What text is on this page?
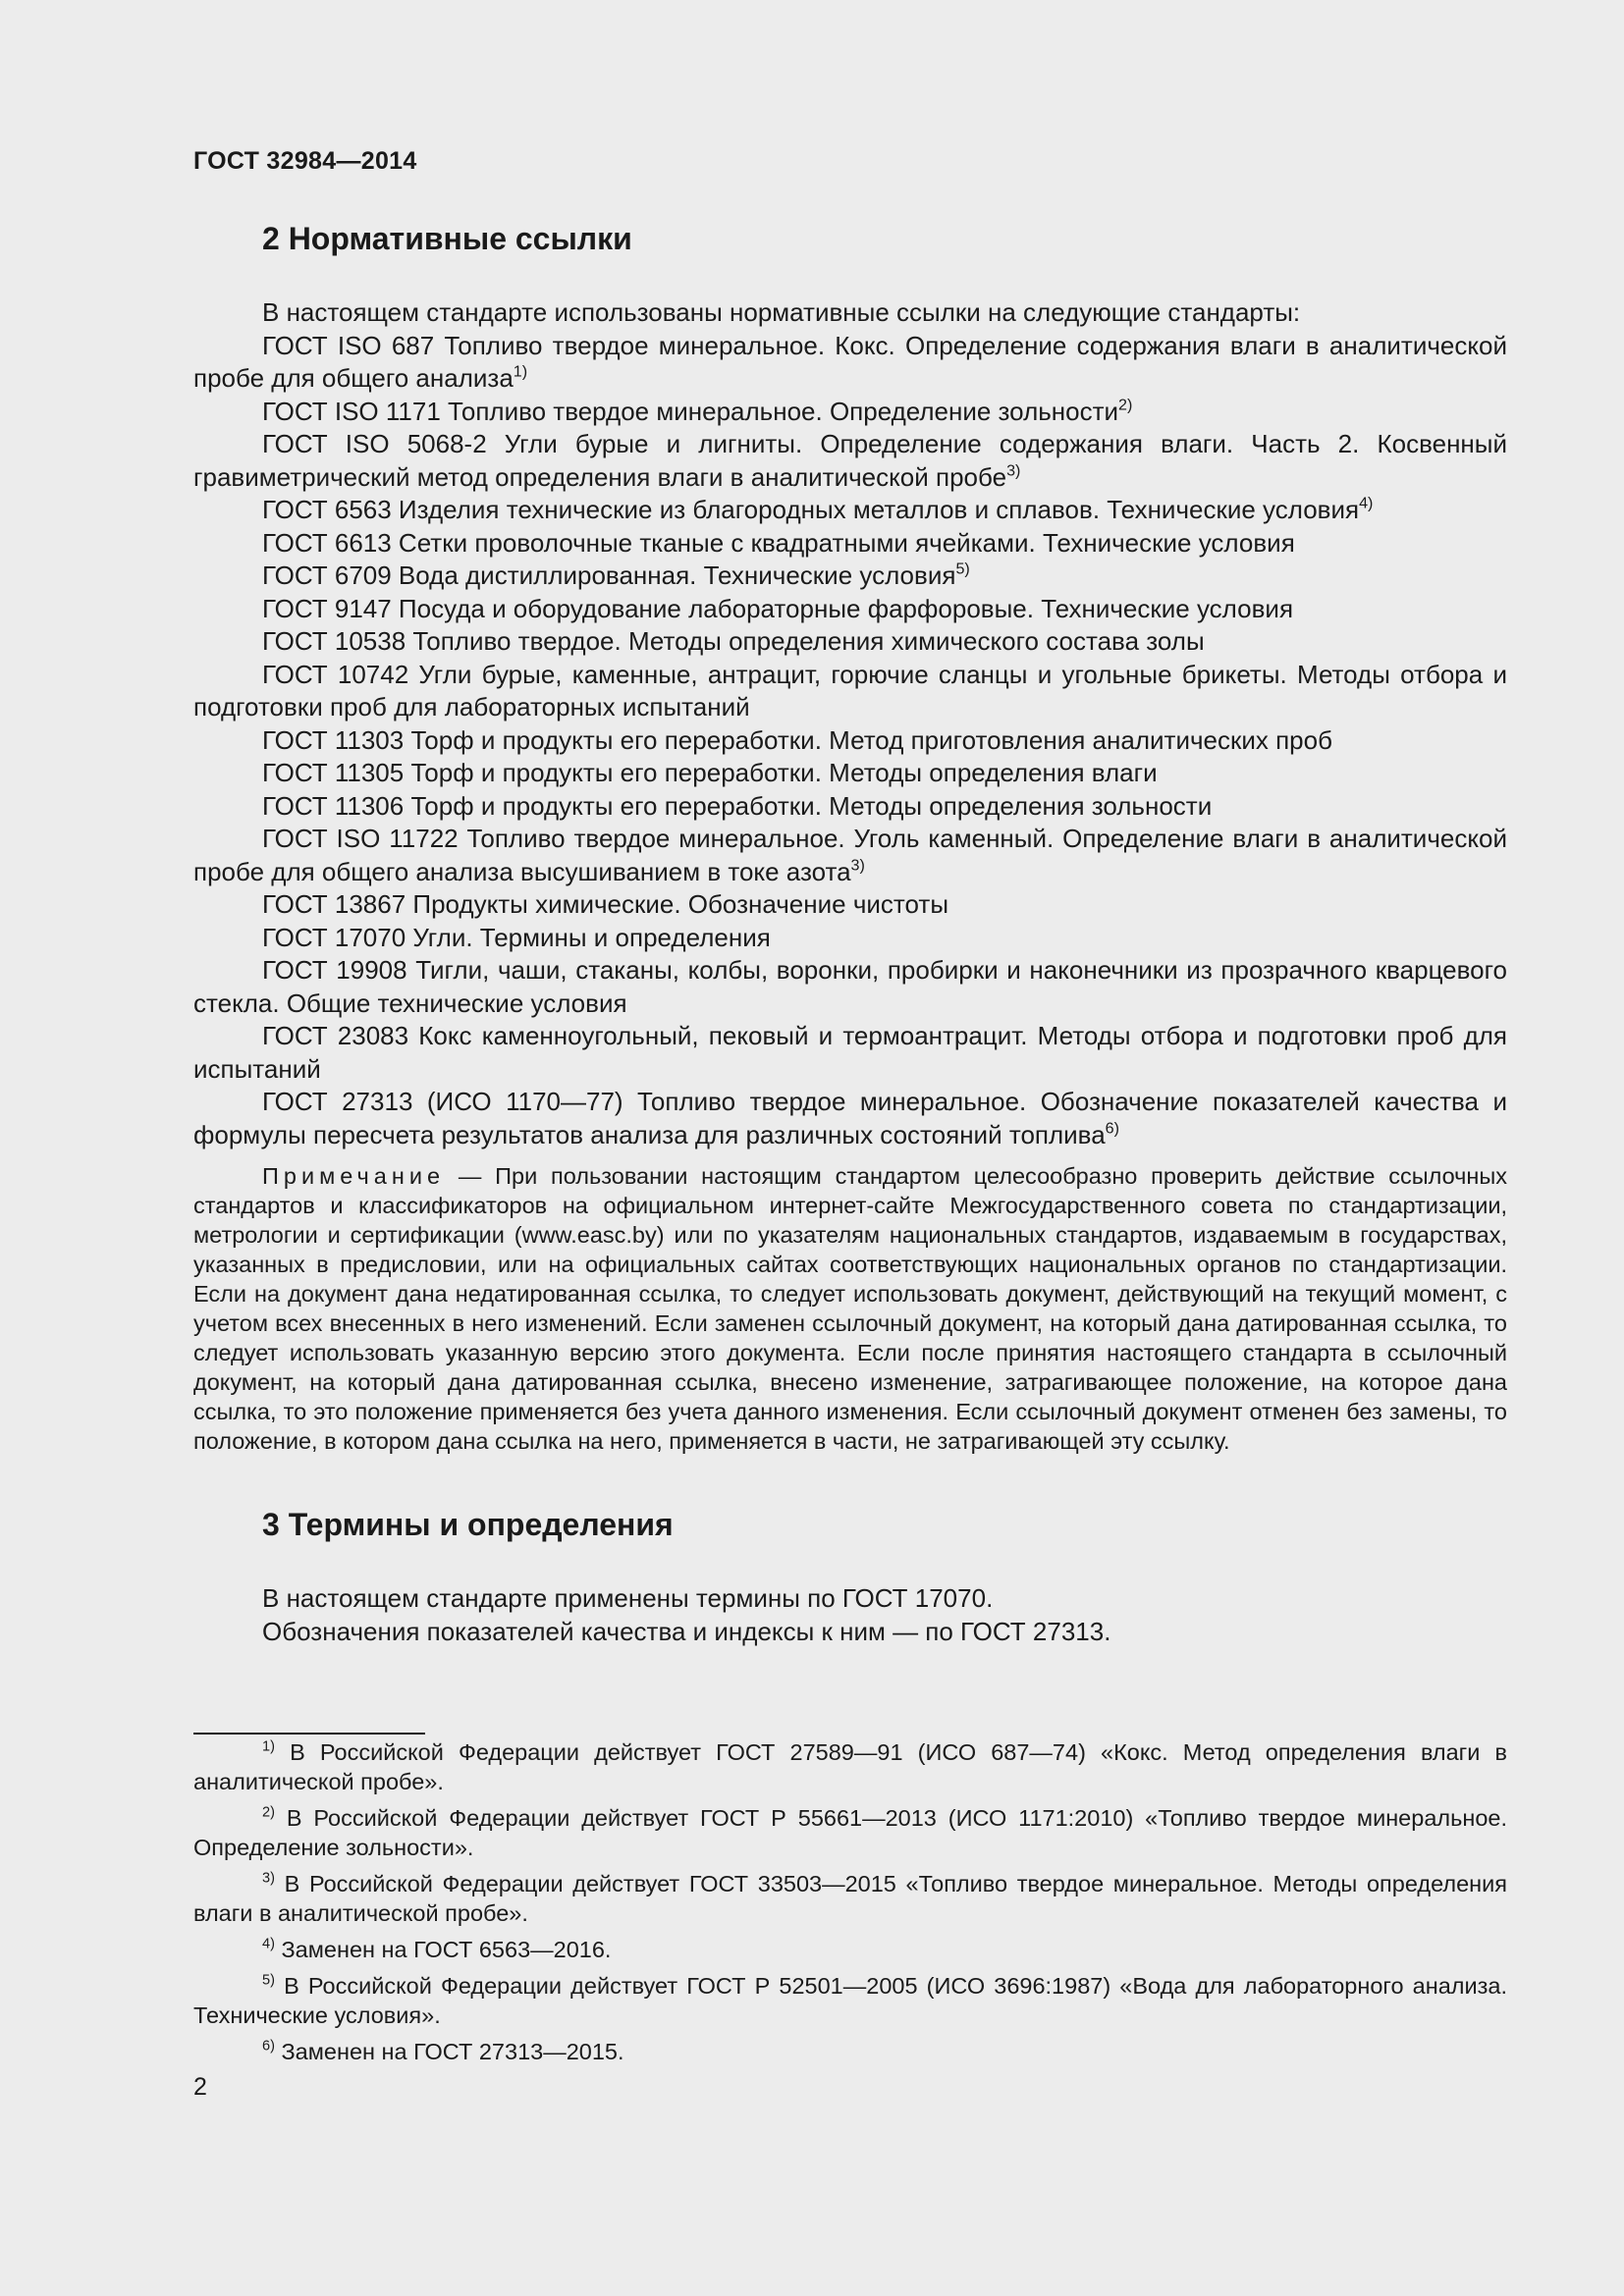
ГОСТ 32984—2014
2 Нормативные ссылки

В настоящем стандарте использованы нормативные ссылки на следующие стандарты:

ГОСТ ISO 687 Топливо твердое минеральное. Кокс. Определение содержания влаги в аналитической пробе для общего анализа$^{1)}$

ГОСТ ISO 1171 Топливо твердое минеральное. Определение зольности$^{2)}$

ГОСТ ISO 5068-2 Угли бурые и лигниты. Определение содержания влаги. Часть 2. Косвенный гравиметрический метод определения влаги в аналитической пробе$^{3)}$

ГОСТ 6563 Изделия технические из благородных металлов и сплавов. Технические условия$^{4)}$

ГОСТ 6613 Сетки проволочные тканые с квадратными ячейками. Технические условия

ГОСТ 6709 Вода дистиллированная. Технические условия$^{5)}$

ГОСТ 9147 Посуда и оборудование лабораторные фарфоровые. Технические условия

ГОСТ 10538 Топливо твердое. Методы определения химического состава золы

ГОСТ 10742 Угли бурые, каменные, антрацит, горючие сланцы и угольные брикеты. Методы отбора и подготовки проб для лабораторных испытаний

ГОСТ 11303 Торф и продукты его переработки. Метод приготовления аналитических проб

ГОСТ 11305 Торф и продукты его переработки. Методы определения влаги

ГОСТ 11306 Торф и продукты его переработки. Методы определения зольности

ГОСТ ISO 11722 Топливо твердое минеральное. Уголь каменный. Определение влаги в аналитической пробе для общего анализа высушиванием в токе азота$^{3)}$

ГОСТ 13867 Продукты химические. Обозначение чистоты

ГОСТ 17070 Угли. Термины и определения

ГОСТ 19908 Тигли, чаши, стаканы, колбы, воронки, пробирки и наконечники из прозрачного кварцевого стекла. Общие технические условия

ГОСТ 23083 Кокс каменноугольный, пековый и термоантрацит. Методы отбора и подготовки проб для испытаний

ГОСТ 27313 (ИСО 1170—77) Топливо твердое минеральное. Обозначение показателей качества и формулы пересчета результатов анализа для различных состояний топлива$^{6)}$

Примечание — При пользовании настоящим стандартом целесообразно проверить действие ссылочных стандартов и классификаторов на официальном интернет-сайте Межгосударственного совета по стандартизации, метрологии и сертификации (www.easc.by) или по указателям национальных стандартов, издаваемым в государствах, указанных в предисловии, или на официальных сайтах соответствующих национальных органов по стандартизации. Если на документ дана недатированная ссылка, то следует использовать документ, действующий на текущий момент, с учетом всех внесенных в него изменений. Если заменен ссылочный документ, на который дана датированная ссылка, то следует использовать указанную версию этого документа. Если после принятия настоящего стандарта в ссылочный документ, на который дана датированная ссылка, внесено изменение, затрагивающее положение, на которое дана ссылка, то это положение применяется без учета данного изменения. Если ссылочный документ отменен без замены, то положение, в котором дана ссылка на него, применяется в части, не затрагивающей эту ссылку.

3 Термины и определения

В настоящем стандарте применены термины по ГОСТ 17070.

Обозначения показателей качества и индексы к ним — по ГОСТ 27313.

$^{1)}$ В Российской Федерации действует ГОСТ 27589—91 (ИСО 687—74) «Кокс. Метод определения влаги в аналитической пробе».

$^{2)}$ В Российской Федерации действует ГОСТ Р 55661—2013 (ИСО 1171:2010) «Топливо твердое минеральное. Определение зольности».

$^{3)}$ В Российской Федерации действует ГОСТ 33503—2015 «Топливо твердое минеральное. Методы определения влаги в аналитической пробе».

$^{4)}$ Заменен на ГОСТ 6563—2016.

$^{5)}$ В Российской Федерации действует ГОСТ Р 52501—2005 (ИСО 3696:1987) «Вода для лабораторного анализа. Технические условия».

$^{6)}$ Заменен на ГОСТ 27313—2015.

2
